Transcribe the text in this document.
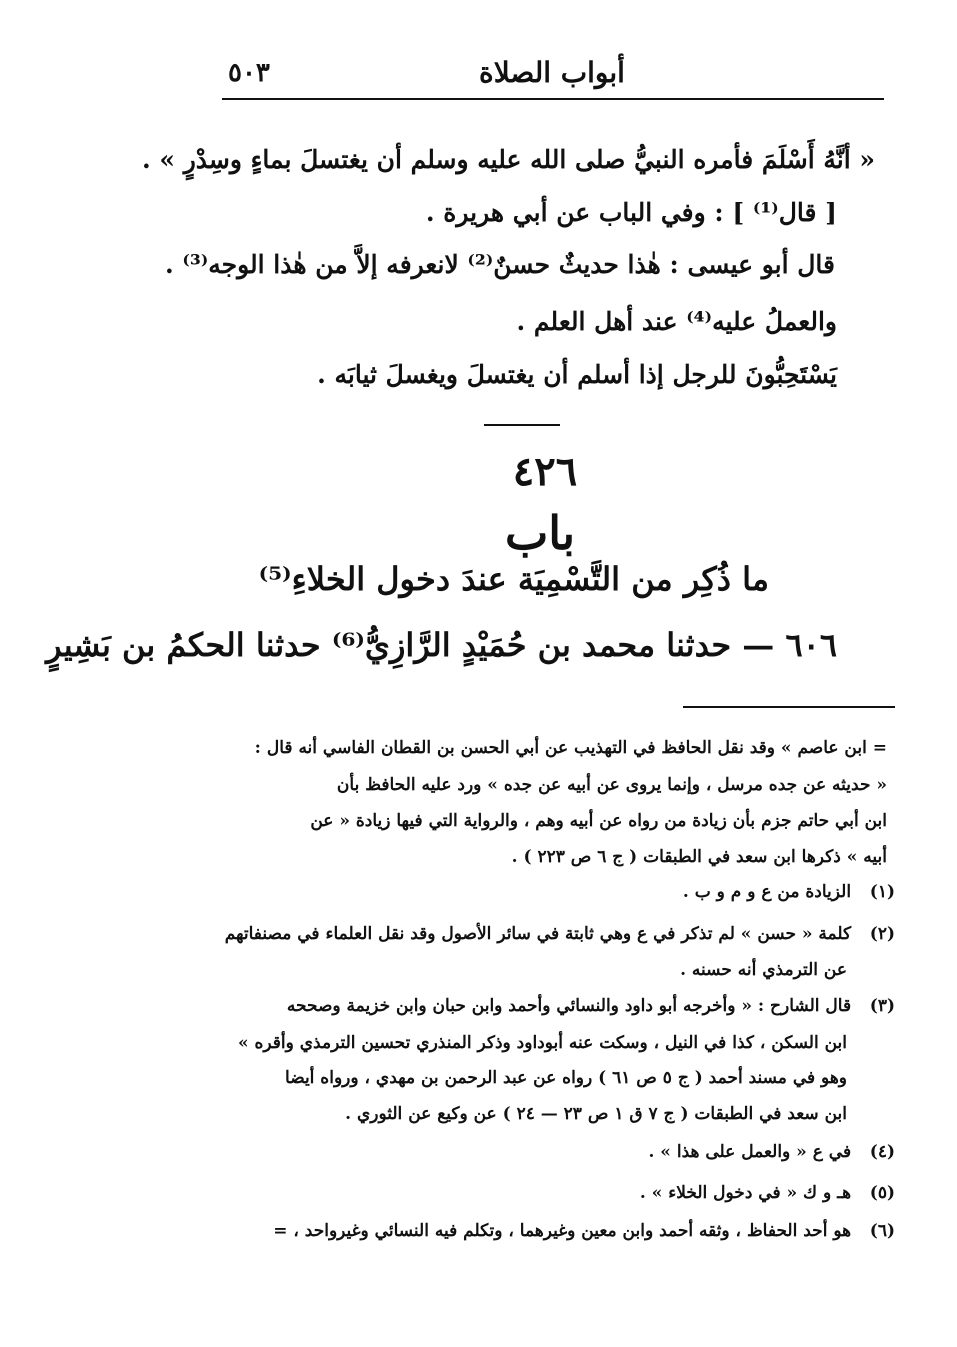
٥٠٣	أبواب الصلاة
« أنَّهُ أَسْلَمَ فأمره النبيُّ صلى الله عليه وسلم أن يغتسلَ بماءٍ وسِدْرٍ » .
[ قال⁽¹⁾ ] : وفي الباب عن أبي هريرة .
قال أبو عيسى : هٰذا حديثٌ حسنٌ⁽²⁾ لانعرفه إلاَّ من هٰذا الوجه⁽³⁾ .
والعملُ عليه⁽⁴⁾ عند أهل العلم .
يَسْتَحِبُّونَ للرجل إذا أسلم أن يغتسلَ ويغسلَ ثيابَه .
٤٢٦
باب
ما ذُكِر من التَّسْمِيَة عندَ دخول الخلاءِ⁽⁵⁾
٦٠٦ — حدثنا محمد بن حُمَيْدٍ الرَّازِيُّ⁽⁶⁾ حدثنا الحكمُ بن بَشِيرٍ
= ابن عاصم » وقد نقل الحافظ في التهذيب عن أبي الحسن بن القطان الفاسي أنه قال :
« حديثه عن جده مرسل ، وإنما يروى عن أبيه عن جده » ورد عليه الحافظ بأن
ابن أبي حاتم جزم بأن زيادة من رواه عن أبيه وهم ، والرواية التي فيها زيادة « عن
أبيه » ذكرها ابن سعد في الطبقات ( ج ٦ ص ٢٢٣ ) .
(١) الزيادة من ع و م و ب .
(٢) كلمة « حسن » لم تذكر في ع وهي ثابتة في سائر الأصول وقد نقل العلماء في مصنفاتهم
عن الترمذي أنه حسنه .
(٣) قال الشارح : « وأخرجه أبو داود والنسائي وأحمد وابن حبان وابن خزيمة وصححه
ابن السكن ، كذا في النيل ، وسكت عنه أبوداود وذكر المنذري تحسين الترمذي وأقره »
وهو في مسند أحمد ( ج ٥ ص ٦١ ) رواه عن عبد الرحمن بن مهدي ، ورواه أيضا
ابن سعد في الطبقات ( ج ٧ ق ١ ص ٢٣ — ٢٤ ) عن وكيع عن الثوري .
(٤) في ع « والعمل على هذا » .
(٥) هـ و ك « في دخول الخلاء » .
(٦) هو أحد الحفاظ ، وثقه أحمد وابن معين وغيرهما ، وتكلم فيه النسائي وغيرواحد ، =
